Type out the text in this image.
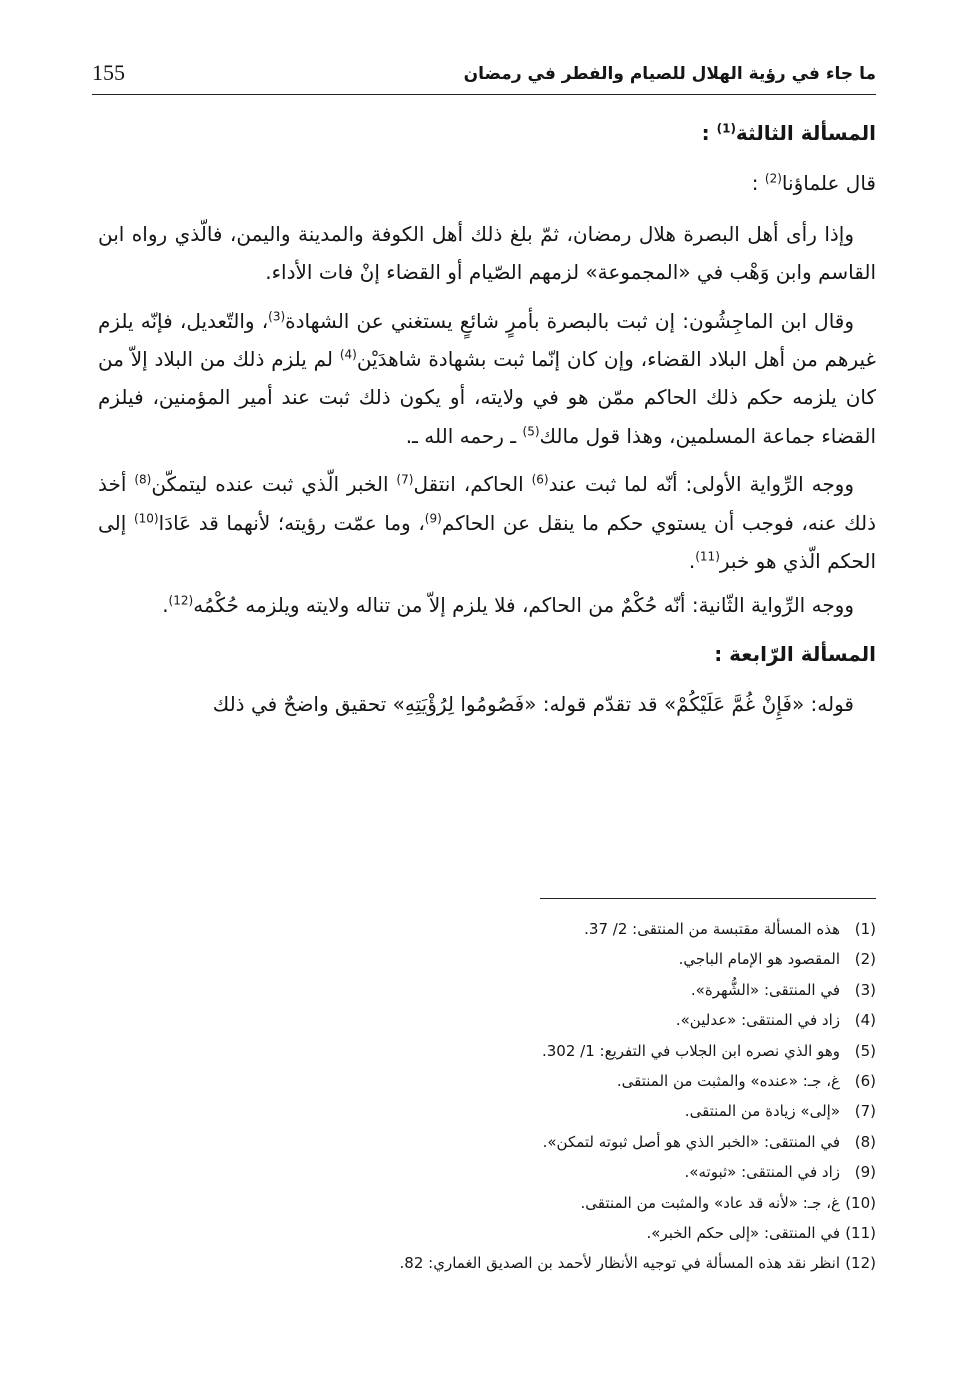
155	ما جاء في رؤية الهلال للصيام والفطر في رمضان
المسألة الثالثة$^{(1)}$ :
قال علماؤنا$^{(2)}$ :

وإذا رأى أهل البصرة هلال رمضان، ثمّ بلغ ذلك أهل الكوفة والمدينة واليمن، فالّذي رواه ابن القاسم وابن وَهْب في «المجموعة» لزمهم الصّيام أو القضاء إنْ فات الأداء.

وقال ابن الماجِشُون: إن ثبت بالبصرة بأمرٍ شائعٍ يستغني عن الشهادة$^{(3)}$، والتّعديل، فإنّه يلزم غيرهم من أهل البلاد القضاء، وإن كان إنّما ثبت بشهادة شاهدَيْن$^{(4)}$ لم يلزم ذلك من البلاد إلاّ من كان يلزمه حكم ذلك الحاكم ممّن هو في ولايته، أو يكون ذلك ثبت عند أمير المؤمنين، فيلزم القضاء جماعة المسلمين، وهذا قول مالك$^{(5)}$ ـ رحمه الله ـ.

ووجه الرِّواية الأولى: أنّه لما ثبت عند$^{(6)}$ الحاكم، انتقل$^{(7)}$ الخبر الّذي ثبت عنده ليتمكّن$^{(8)}$ أخذ ذلك عنه، فوجب أن يستوي حكم ما ينقل عن الحاكم$^{(9)}$، وما عمّت رؤيته؛ لأنهما قد عَادَا$^{(10)}$ إلى الحكم الّذي هو خبر$^{(11)}$.

ووجه الرِّواية الثّانية: أنّه حُكْمٌ من الحاكم، فلا يلزم إلاّ من تناله ولايته ويلزمه حُكْمُه$^{(12)}$.

المسألة الرّابعة :

قوله: «فَإِنْ غُمَّ عَلَيْكُمْ» قد تقدّم قوله: «فَصُومُوا لِرُؤْيَتِهِ» تحقيق واضحٌ في ذلك

(1)هذه المسألة مقتبسة من المنتقى: 2/ 37.
(2)المقصود هو الإمام الباجي.
(3)في المنتقى: «الشُّهرة».
(4)زاد في المنتقى: «عدلين».
(5)وهو الذي نصره ابن الجلاب في التفريع: 1/ 302.
(6)غ، جـ: «عنده» والمثبت من المنتقى.
(7)«إلى» زيادة من المنتقى.
(8)في المنتقى: «الخبر الذي هو أصل ثبوته لتمكن».
(9)زاد في المنتقى: «ثبوته».
(10)غ، جـ: «لأنه قد عاد» والمثبت من المنتقى.
(11)في المنتقى: «إلى حكم الخبر».
(12)انظر نقد هذه المسألة في توجيه الأنظار لأحمد بن الصديق الغماري: 82.
